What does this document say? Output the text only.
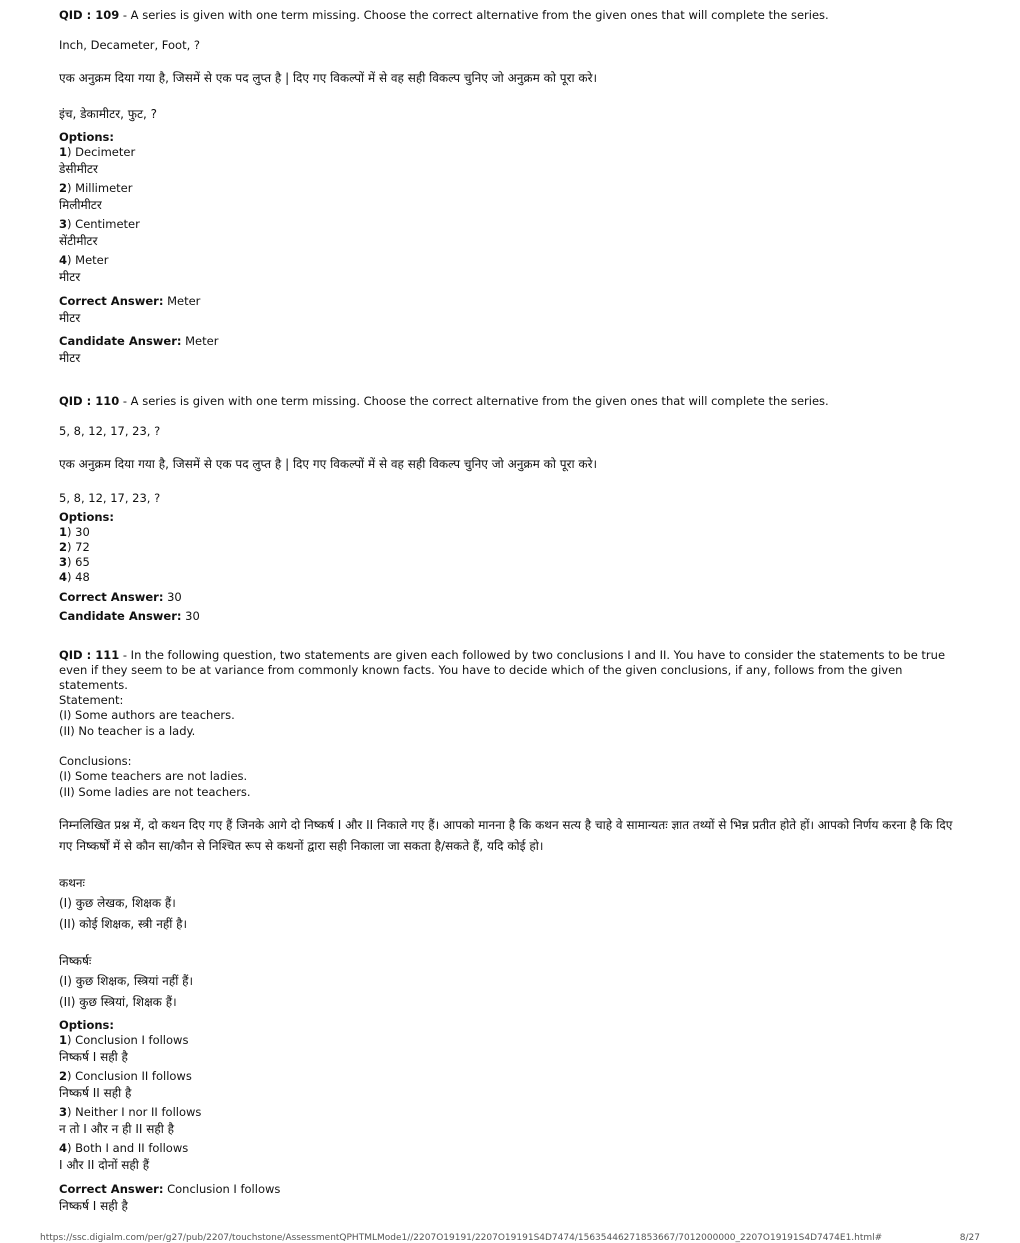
QID : 109 - A series is given with one term missing. Choose the correct alternative from the given ones that will complete the series.
Inch, Decameter, Foot, ?
एक अनुक्रम दिया गया है, जिसमें से एक पद लुप्त है | दिए गए विकल्पों में से वह सही विकल्प चुनिए जो अनुक्रम को पूरा करे।
इंच, डेकामीटर, फुट, ?
Options:
1) Decimeter
डेसीमीटर
2) Millimeter
मिलीमीटर
3) Centimeter
सेंटीमीटर
4) Meter
मीटर
Correct Answer: Meter
मीटर
Candidate Answer: Meter
मीटर
QID : 110 - A series is given with one term missing. Choose the correct alternative from the given ones that will complete the series.
5, 8, 12, 17, 23, ?
एक अनुक्रम दिया गया है, जिसमें से एक पद लुप्त है | दिए गए विकल्पों में से वह सही विकल्प चुनिए जो अनुक्रम को पूरा करे।
5, 8, 12, 17, 23, ?
Options:
1) 30
2) 72
3) 65
4) 48
Correct Answer: 30
Candidate Answer: 30
QID : 111 - In the following question, two statements are given each followed by two conclusions I and II. You have to consider the statements to be true even if they seem to be at variance from commonly known facts. You have to decide which of the given conclusions, if any, follows from the given statements.
Statement:
(I) Some authors are teachers.
(II) No teacher is a lady.
Conclusions:
(I) Some teachers are not ladies.
(II) Some ladies are not teachers.
निम्नलिखित प्रश्न में, दो कथन दिए गए हैं जिनके आगे दो निष्कर्ष I और II निकाले गए हैं। आपको मानना है कि कथन सत्य है चाहे वे सामान्यतः ज्ञात तथ्यों से भिन्न प्रतीत होते हों। आपको निर्णय करना है कि दिए गए निष्कर्षों में से कौन सा/कौन से निश्चित रूप से कथनों द्वारा सही निकाला जा सकता है/सकते हैं, यदि कोई हो।
कथनः
(I) कुछ लेखक, शिक्षक हैं।
(II) कोई शिक्षक, स्त्री नहीं है।
निष्कर्षः
(I) कुछ शिक्षक, स्त्रियां नहीं हैं।
(II) कुछ स्त्रियां, शिक्षक हैं।
Options:
1) Conclusion I follows
निष्कर्ष I सही है
2) Conclusion II follows
निष्कर्ष II सही है
3) Neither I nor II follows
न तो I और न ही II सही है
4) Both I and II follows
I और II दोनों सही हैं
Correct Answer: Conclusion I follows
निष्कर्ष I सही है
https://ssc.digialm.com/per/g27/pub/2207/touchstone/AssessmentQPHTMLMode1//2207O19191/2207O19191S4D7474/15635446271853667/7012000000_2207O19191S4D7474E1.html#	8/27
